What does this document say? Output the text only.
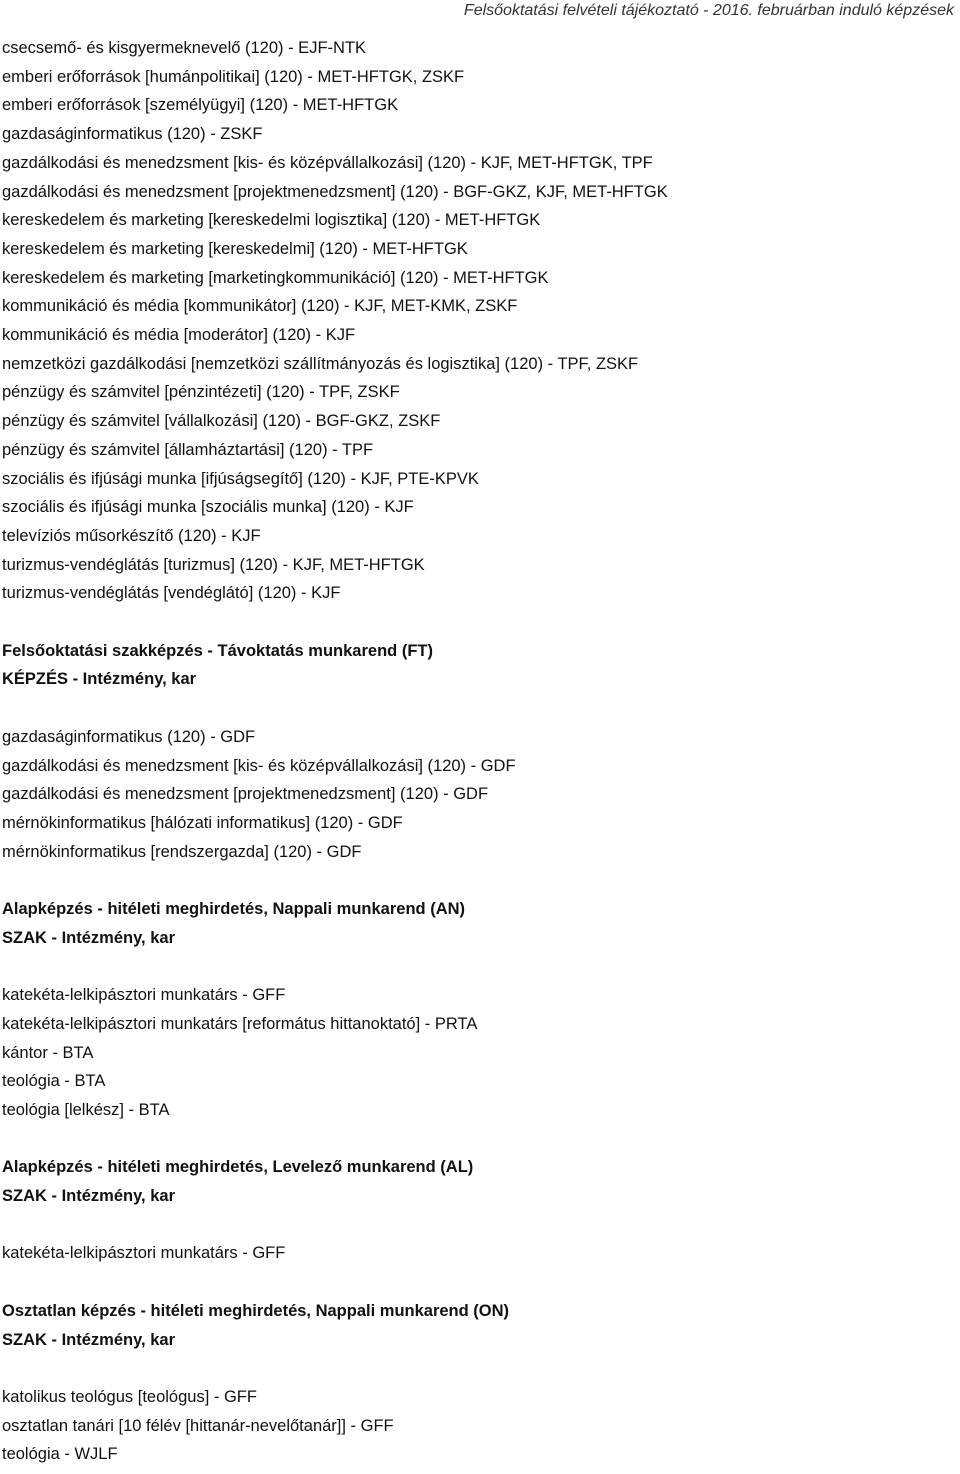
Felsőoktatási felvételi tájékoztató - 2016. februárban induló képzések

csecsemő- és kisgyermeknevelő (120) - EJF-NTK

emberi erőforrások [humánpolitikai] (120) - MET-HFTGK, ZSKF

emberi erőforrások [személyügyi] (120) - MET-HFTGK

gazdaságinformatikus (120) - ZSKF

gazdálkodási és menedzsment [kis- és középvállalkozási] (120) - KJF, MET-HFTGK, TPF

gazdálkodási és menedzsment [projektmenedzsment] (120) - BGF-GKZ, KJF, MET-HFTGK

kereskedelem és marketing [kereskedelmi logisztika] (120) - MET-HFTGK

kereskedelem és marketing [kereskedelmi] (120) - MET-HFTGK

kereskedelem és marketing [marketingkommunikáció] (120) - MET-HFTGK

kommunikáció és média [kommunikátor] (120) - KJF, MET-KMK, ZSKF

kommunikáció és média [moderátor] (120) - KJF

nemzetközi gazdálkodási [nemzetközi szállítmányozás és logisztika] (120) - TPF, ZSKF

pénzügy és számvitel [pénzintézeti] (120) - TPF, ZSKF

pénzügy és számvitel [vállalkozási] (120) - BGF-GKZ, ZSKF

pénzügy és számvitel [államháztartási] (120) - TPF

szociális és ifjúsági munka [ifjúságsegítő] (120) - KJF, PTE-KPVK

szociális és ifjúsági munka [szociális munka] (120) - KJF

televíziós műsorkészítő (120) - KJF

turizmus-vendéglátás [turizmus] (120) - KJF, MET-HFTGK

turizmus-vendéglátás [vendéglátó] (120) - KJF

Felsőoktatási szakképzés - Távoktatás munkarend (FT)

KÉPZÉS - Intézmény, kar

gazdaságinformatikus (120) - GDF

gazdálkodási és menedzsment [kis- és középvállalkozási] (120) - GDF

gazdálkodási és menedzsment [projektmenedzsment] (120) - GDF

mérnökinformatikus [hálózati informatikus] (120) - GDF

mérnökinformatikus [rendszergazda] (120) - GDF

Alapképzés - hitéleti meghirdetés, Nappali munkarend (AN)

SZAK - Intézmény, kar

katekéta-lelkipásztori munkatárs - GFF

katekéta-lelkipásztori munkatárs [református hittanoktató] - PRTA

kántor - BTA

teológia - BTA

teológia [lelkész] - BTA

Alapképzés - hitéleti meghirdetés, Levelező munkarend (AL)

SZAK - Intézmény, kar

katekéta-lelkipásztori munkatárs - GFF

Osztatlan képzés - hitéleti meghirdetés, Nappali munkarend (ON)

SZAK - Intézmény, kar

katolikus teológus [teológus] - GFF

osztatlan tanári [10 félév [hittanár-nevelőtanár]] - GFF

teológia - WJLF
